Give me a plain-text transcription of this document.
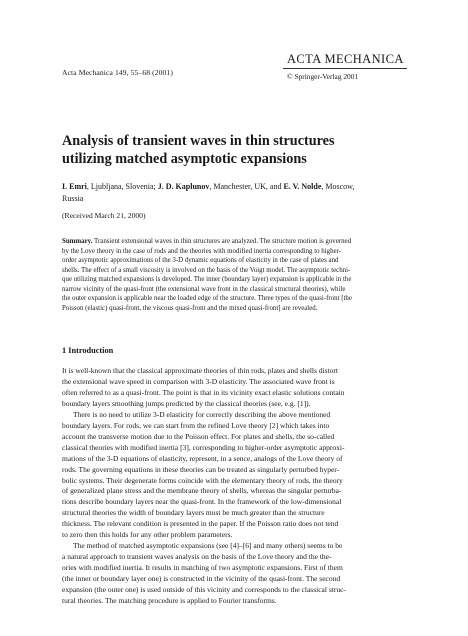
Acta Mechanica 149, 55–68 (2001)
ACTA MECHANICA
© Springer-Verlag 2001
Analysis of transient waves in thin structures
utilizing matched asymptotic expansions
I. Emri, Ljubljana, Slovenia; J. D. Kaplunov, Manchester, UK, and E. V. Nolde, Moscow,
Russia
(Received March 21, 2000)
Summary. Transient extensional waves in thin structures are analyzed. The structure motion is governed
by the Love theory in the case of rods and the theories with modified inertia corresponding to higher-
order asymptotic approximations of the 3-D dynamic equations of elasticity in the case of plates and
shells. The effect of a small viscosity is involved on the basis of the Voigt model. The asymptotic techni-
que utilizing matched expansions is developed. The inner (boundary layer) expansion is applicable in the
narrow vicinity of the quasi-front (the extensional wave front in the classical structural theories), while
the outer expansion is applicable near the loaded edge of the structure. Three types of the quasi-front [the
Poisson (elastic) quasi-front, the viscous quasi-front and the mixed quasi-front] are revealed.
1 Introduction
It is well-known that the classical approximate theories of thin rods, plates and shells distort
the extensional wave speed in comparison with 3-D elasticity. The associated wave front is
often referred to as a quasi-front. The point is that in its vicinity exact elastic solutions contain
boundary layers smoothing jumps predicted by the classical theories (see, e.g. [1]).
There is no need to utilize 3-D elasticity for correctly describing the above mentioned
boundary layers. For rods, we can start from the refined Love theory [2] which takes into
account the transverse motion due to the Poisson effect. For plates and shells, the so-called
classical theories with modified inertia [3], corresponding to higher-order asymptotic approxi-
mations of the 3-D equations of elasticity, represent, in a sence, analogs of the Love theory of
rods. The governing equations in these theories can be treated as singularly perturbed hyper-
bolic systems. Their degenerate forms coincide with the elementary theory of rods, the theory
of generalized plane stress and the membrane theory of shells, whereas the singular perturba-
tions describe boundary layers near the quasi-front. In the framework of the low-dimensional
structural theories the width of boundary layers must be much greater than the structure
thickness. The relevant condition is presented in the paper. If the Poisson ratio does not tend
to zero then this holds for any other problem parameters.
The method of matched asymptotic expansions (see [4]–[6] and many others) seems to be
a natural approach to transient waves analysis on the basis of the Love theory and the the-
ories with modified inertia. It results in matching of two asymptotic expansions. First of them
(the inner or boundary layer one) is constructed in the vicinity of the quasi-front. The second
expansion (the outer one) is used outside of this vicinity and corresponds to the classical struc-
tural theories. The matching procedure is applied to Fourier transforms.
